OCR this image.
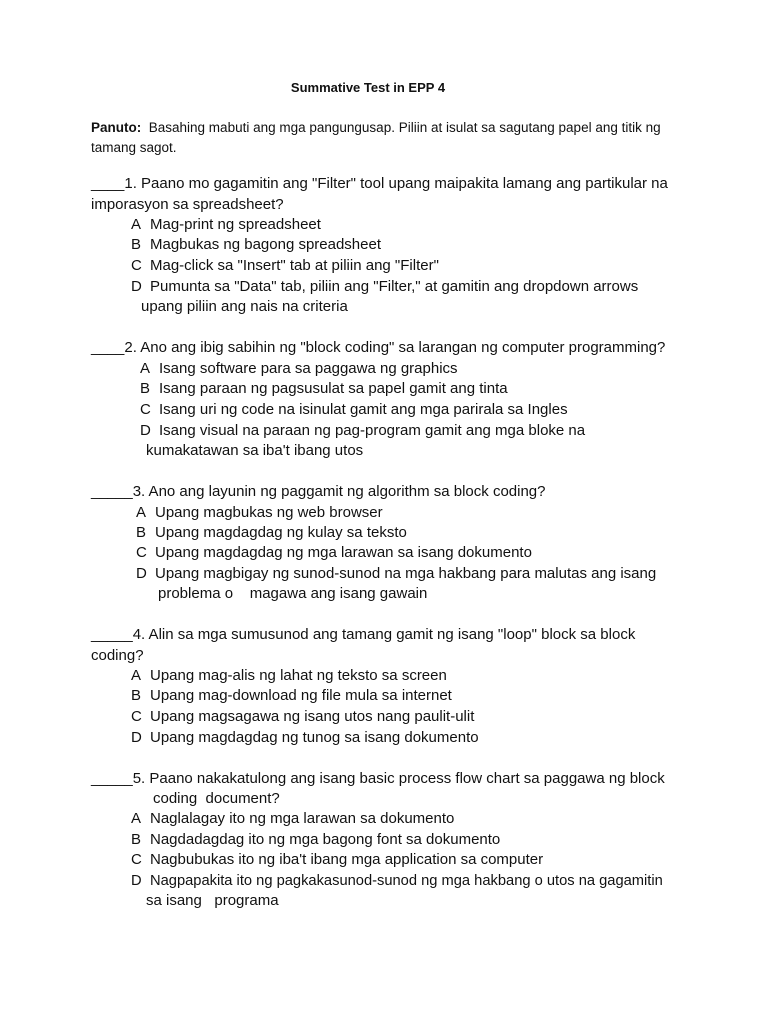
Summative Test in EPP 4
Panuto: Basahing mabuti ang mga pangungusap. Piliin at isulat sa sagutang papel ang titik ng
tamang sagot.
____1. Paano mo gagamitin ang "Filter" tool upang maipakita lamang ang partikular na
imporasyon sa spreadsheet?
A Mag-print ng spreadsheet
B Magbukas ng bagong spreadsheet
C Mag-click sa "Insert" tab at piliin ang "Filter"
D Pumunta sa "Data" tab, piliin ang "Filter," at gamitin ang dropdown arrows
upang piliin ang nais na criteria
____2. Ano ang ibig sabihin ng "block coding" sa larangan ng computer programming?
A Isang software para sa paggawa ng graphics
B Isang paraan ng pagsusulat sa papel gamit ang tinta
C Isang uri ng code na isinulat gamit ang mga parirala sa Ingles
D Isang visual na paraan ng pag-program gamit ang mga bloke na
kumakatawan sa iba't ibang utos
_____3. Ano ang layunin ng paggamit ng algorithm sa block coding?
A Upang magbukas ng web browser
B Upang magdagdag ng kulay sa teksto
C Upang magdagdag ng mga larawan sa isang dokumento
D Upang magbigay ng sunod-sunod na mga hakbang para malutas ang isang
problema o    magawa ang isang gawain
_____4. Alin sa mga sumusunod ang tamang gamit ng isang "loop" block sa block
coding?
A Upang mag-alis ng lahat ng teksto sa screen
B Upang mag-download ng file mula sa internet
C Upang magsagawa ng isang utos nang paulit-ulit
D Upang magdagdag ng tunog sa isang dokumento
_____5. Paano nakakatulong ang isang basic process flow chart sa paggawa ng block
coding  document?
A Naglalagay ito ng mga larawan sa dokumento
B Nagdadagdag ito ng mga bagong font sa dokumento
C Nagbubukas ito ng iba't ibang mga application sa computer
D Nagpapakita ito ng pagkakasunod-sunod ng mga hakbang o utos na gagamitin
sa isang   programa
